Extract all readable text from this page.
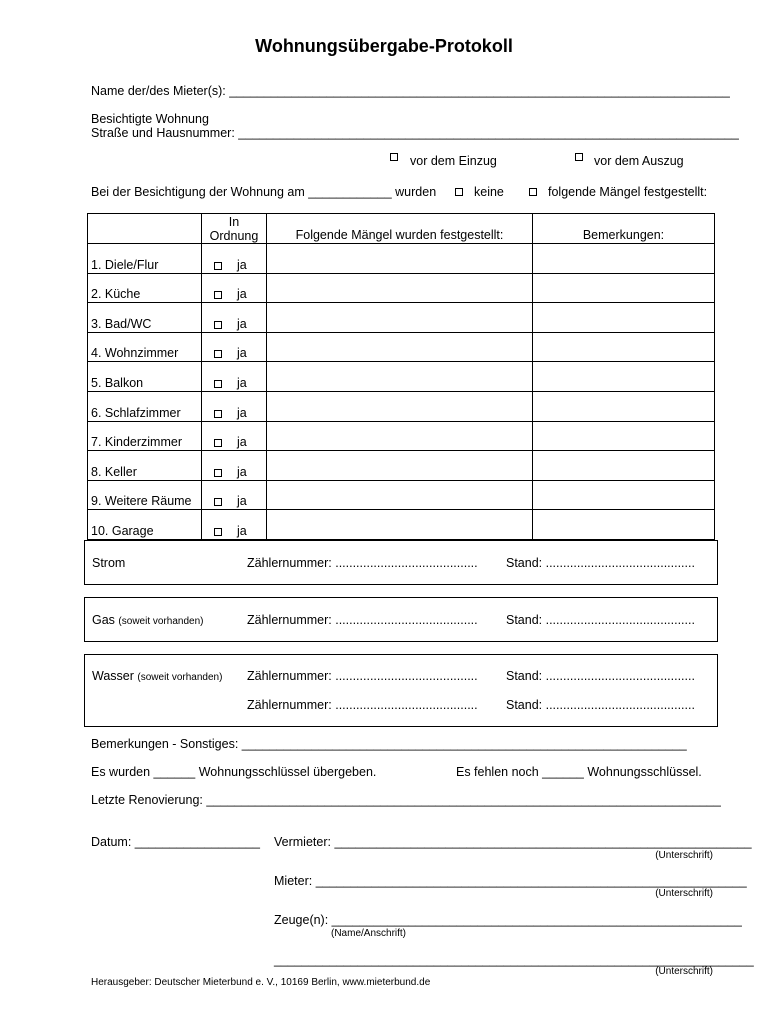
Wohnungsübergabe-Protokoll
Name der/des Mieter(s): ________________________________________________________________________
Besichtigte Wohnung
Straße und Hausnummer: ________________________________________________________________________
vor dem Einzug	vor dem Auszug
Bei der Besichtigung der Wohnung am ____________ wurden	keine	folgende Mängel festgestellt:
	In Ordnung	Folgende Mängel wurden festgestellt:	Bemerkungen:
1. Diele/Flur	ja		

2. Küche	ja		

3. Bad/WC	ja		

4. Wohnzimmer	ja		

5. Balkon	ja		

6. Schlafzimmer	ja		

7. Kinderzimmer	ja		

8. Keller	ja		

9. Weitere Räume	ja		

10. Garage	ja		

Strom	Zählernummer: ......................................... Stand: ...........................................
Gas (soweit vorhanden)	Zählernummer: ......................................... Stand: ...........................................
Wasser (soweit vorhanden) Zählernummer: ......................................... Stand: ...........................................
Zählernummer: ......................................... Stand: ...........................................
Bemerkungen - Sonstiges: ________________________________________________________________
Es wurden ______ Wohnungsschlüssel übergeben.	Es fehlen noch ______ Wohnungsschlüssel.
Letzte Renovierung: __________________________________________________________________________
Datum: __________________ Vermieter: ____________________________________________________________
(Unterschrift)
Mieter: ______________________________________________________________
(Unterschrift)
Zeuge(n): ___________________________________________________________
(Name/Anschrift)
_____________________________________________________________________
(Unterschrift)
Herausgeber: Deutscher Mieterbund e. V., 10169 Berlin, www.mieterbund.de
